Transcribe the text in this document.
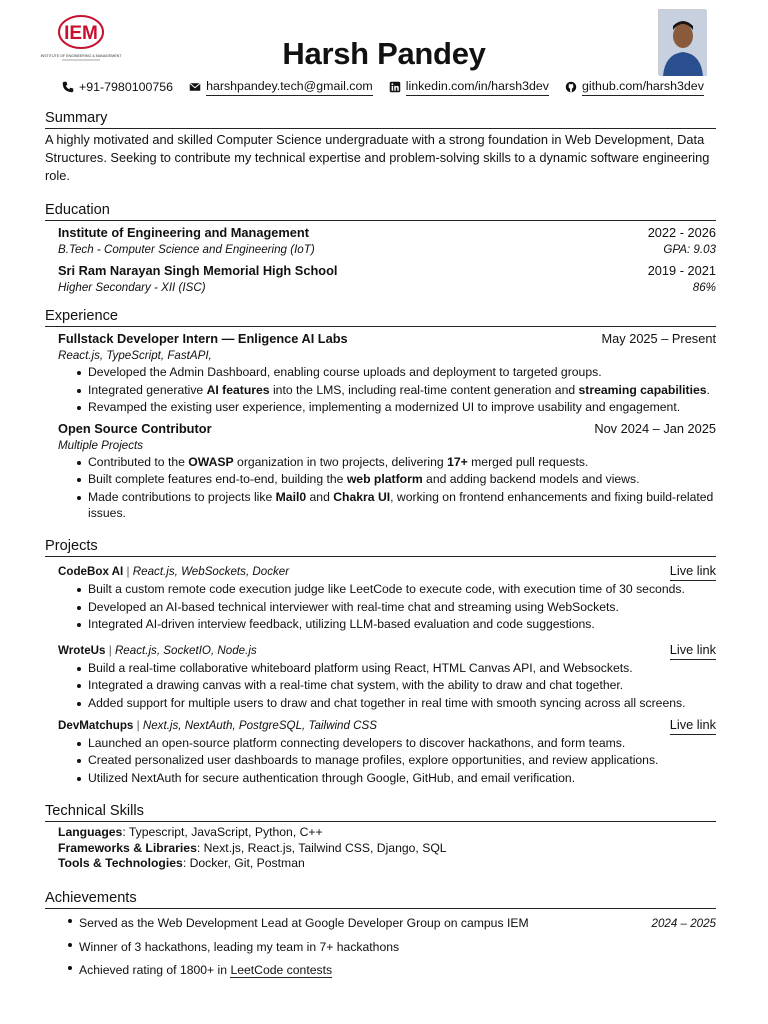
IEM
INSTITUTE OF ENGINEERING & MANAGEMENT	Harsh Pandey
+91-7980100756	harshpandey.tech@gmail.com	linkedin.com/in/harsh3dev	github.com/harsh3dev
Summary
A highly motivated and skilled Computer Science undergraduate with a strong foundation in Web Development, Data Structures. Seeking to contribute my technical expertise and problem-solving skills to a dynamic software engineering role.
Education
Institute of Engineering and Management	2022 - 2026
B.Tech - Computer Science and Engineering (IoT)	GPA: 9.03
Sri Ram Narayan Singh Memorial High School	2019 - 2021
Higher Secondary - XII (ISC)	86%
Experience
Fullstack Developer Intern — Enligence AI Labs	May 2025 – Present
React.js, TypeScript, FastAPI,
Developed the Admin Dashboard, enabling course uploads and deployment to targeted groups.
Integrated generative AI features into the LMS, including real-time content generation and streaming capabilities.
Revamped the existing user experience, implementing a modernized UI to improve usability and engagement.
Open Source Contributor	Nov 2024 – Jan 2025
Multiple Projects
Contributed to the OWASP organization in two projects, delivering 17+ merged pull requests.
Built complete features end-to-end, building the web platform and adding backend models and views.
Made contributions to projects like Mail0 and Chakra UI, working on frontend enhancements and fixing build-related issues.
Projects
CodeBox AI | React.js, WebSockets, Docker	Live link
Built a custom remote code execution judge like LeetCode to execute code, with execution time of 30 seconds.
Developed an AI-based technical interviewer with real-time chat and streaming using WebSockets.
Integrated AI-driven interview feedback, utilizing LLM-based evaluation and code suggestions.
WroteUs | React.js, SocketIO, Node.js	Live link
Build a real-time collaborative whiteboard platform using React, HTML Canvas API, and Websockets.
Integrated a drawing canvas with a real-time chat system, with the ability to draw and chat together.
Added support for multiple users to draw and chat together in real time with smooth syncing across all screens.
DevMatchups | Next.js, NextAuth, PostgreSQL, Tailwind CSS	Live link
Launched an open-source platform connecting developers to discover hackathons, and form teams.
Created personalized user dashboards to manage profiles, explore opportunities, and review applications.
Utilized NextAuth for secure authentication through Google, GitHub, and email verification.
Technical Skills
Languages: Typescript, JavaScript, Python, C++
Frameworks & Libraries: Next.js, React.js, Tailwind CSS, Django, SQL
Tools & Technologies: Docker, Git, Postman
Achievements
Served as the Web Development Lead at Google Developer Group on campus IEM	2024 – 2025
Winner of 3 hackathons, leading my team in 7+ hackathons
Achieved rating of 1800+ in LeetCode contests
